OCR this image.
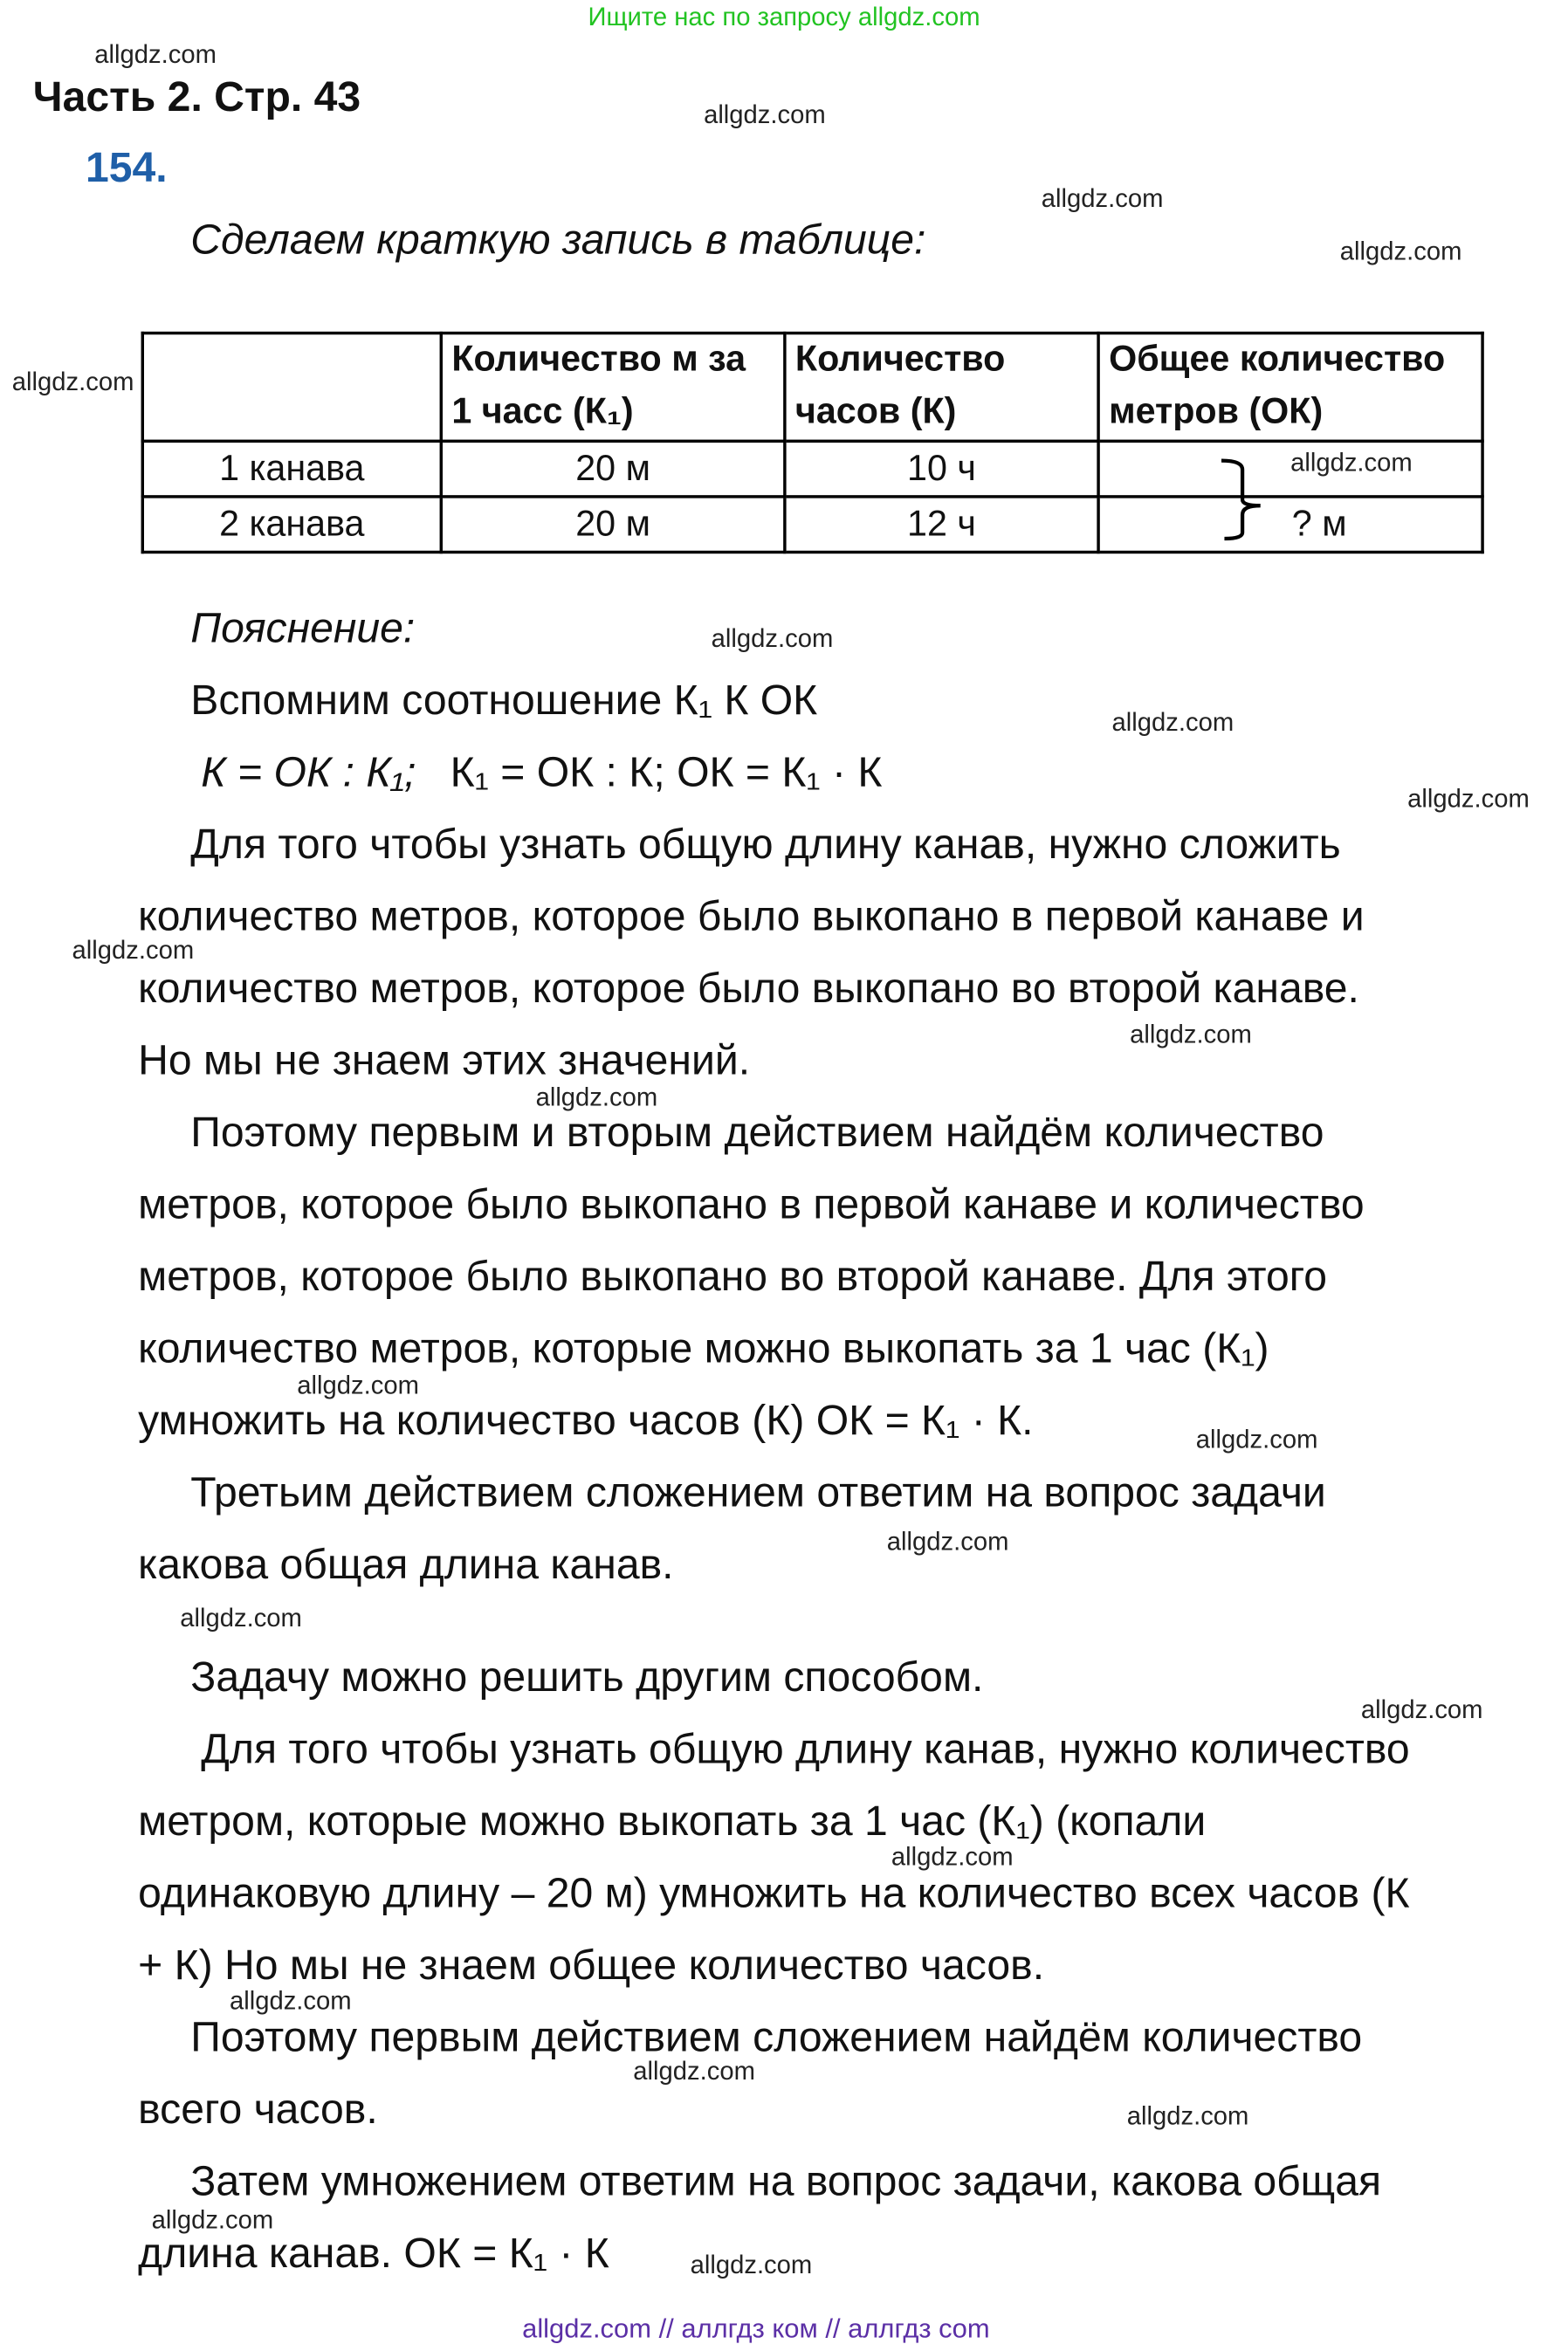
Ищите нас по запросу allgdz.com
Часть 2. Стр. 43
154.
Сделаем краткую запись в таблице:
	Количество м за 1 часс (К₁)	Количество часов (К)	Общее количество метров (ОК)
1 канава	20 м	10 ч	
2 канава	20 м	12 ч	? м
Пояснение:
Вспомним соотношение К₁ К ОК
К = ОК : К₁; К₁ = ОК : К; ОК = К₁ · К
Для того чтобы узнать общую длину канав, нужно сложить
количество метров, которое было выкопано в первой канаве и
количество метров, которое было выкопано во второй канаве.
Но мы не знаем этих значений.
Поэтому первым и вторым действием найдём количество
метров, которое было выкопано в первой канаве и количество
метров, которое было выкопано во второй канаве. Для этого
количество метров, которые можно выкопать за 1 час (К₁)
умножить на количество часов (К) ОК = К₁ · К.
Третьим действием сложением ответим на вопрос задачи
какова общая длина канав.
Задачу можно решить другим способом.
Для того чтобы узнать общую длину канав, нужно количество
метром, которые можно выкопать за 1 час (К₁) (копали
одинаковую длину – 20 м) умножить на количество всех часов (К
+ К) Но мы не знаем общее количество часов.
Поэтому первым действием сложением найдём количество
всего часов.
Затем умножением ответим на вопрос задачи, какова общая
длина канав. ОК = К₁ · К
allgdz.com
allgdz.com
allgdz.com
allgdz.com
allgdz.com
allgdz.com
allgdz.com
allgdz.com
allgdz.com
allgdz.com
allgdz.com
allgdz.com
allgdz.com
allgdz.com
allgdz.com
allgdz.com
allgdz.com
allgdz.com
allgdz.com
allgdz.com
allgdz.com
allgdz.com
allgdz.com
allgdz.com // аллгдз ком // аллгдз com
